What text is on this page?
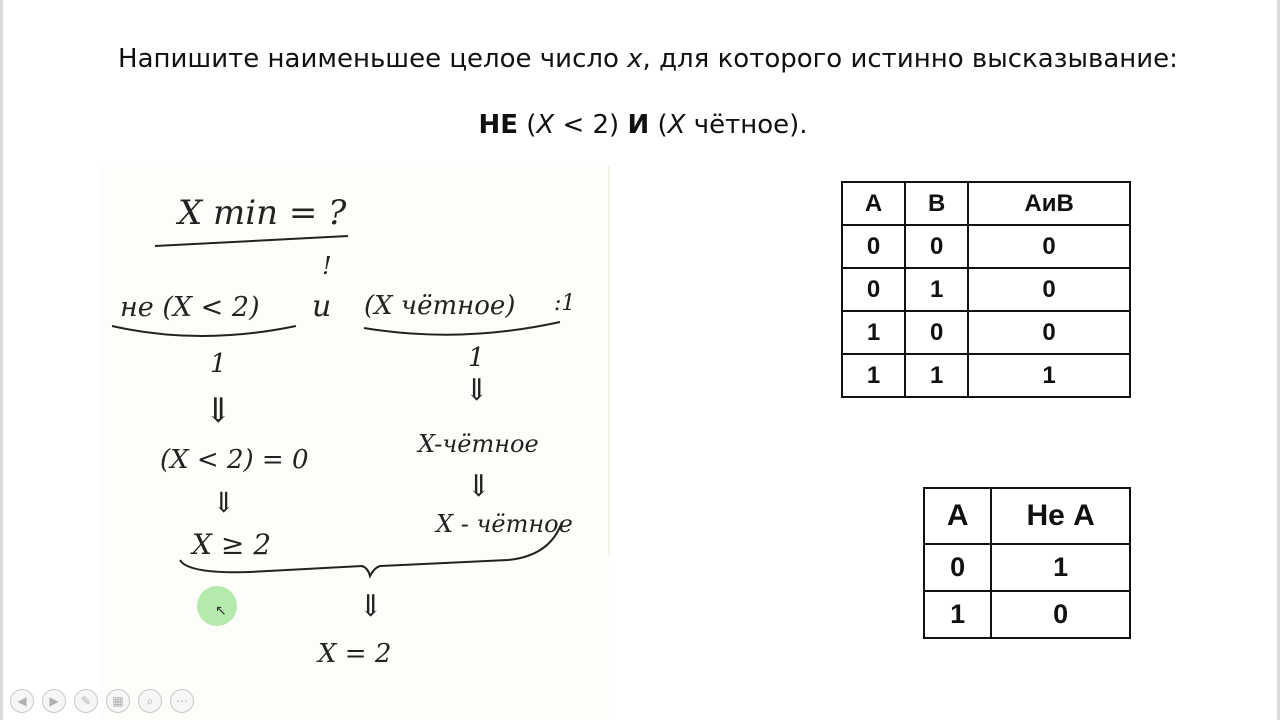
Напишите наименьшее целое число x, для которого истинно высказывание:
НЕ (X < 2) И (X чётное).
X min = ?
!
не (X < 2) и (X чётное) :1
1	1
⇓
⇓
(X < 2) = 0
X-чётное
⇓	⇓
X ≥ 2
X - чётное
⇓
X = 2
A	B	АиВ
0	0	0
0	1	0
1	0	0
1	1	1
A	Не А
0	1
1	0
↖
◀	▶	✎	▦	⌕	⋯
